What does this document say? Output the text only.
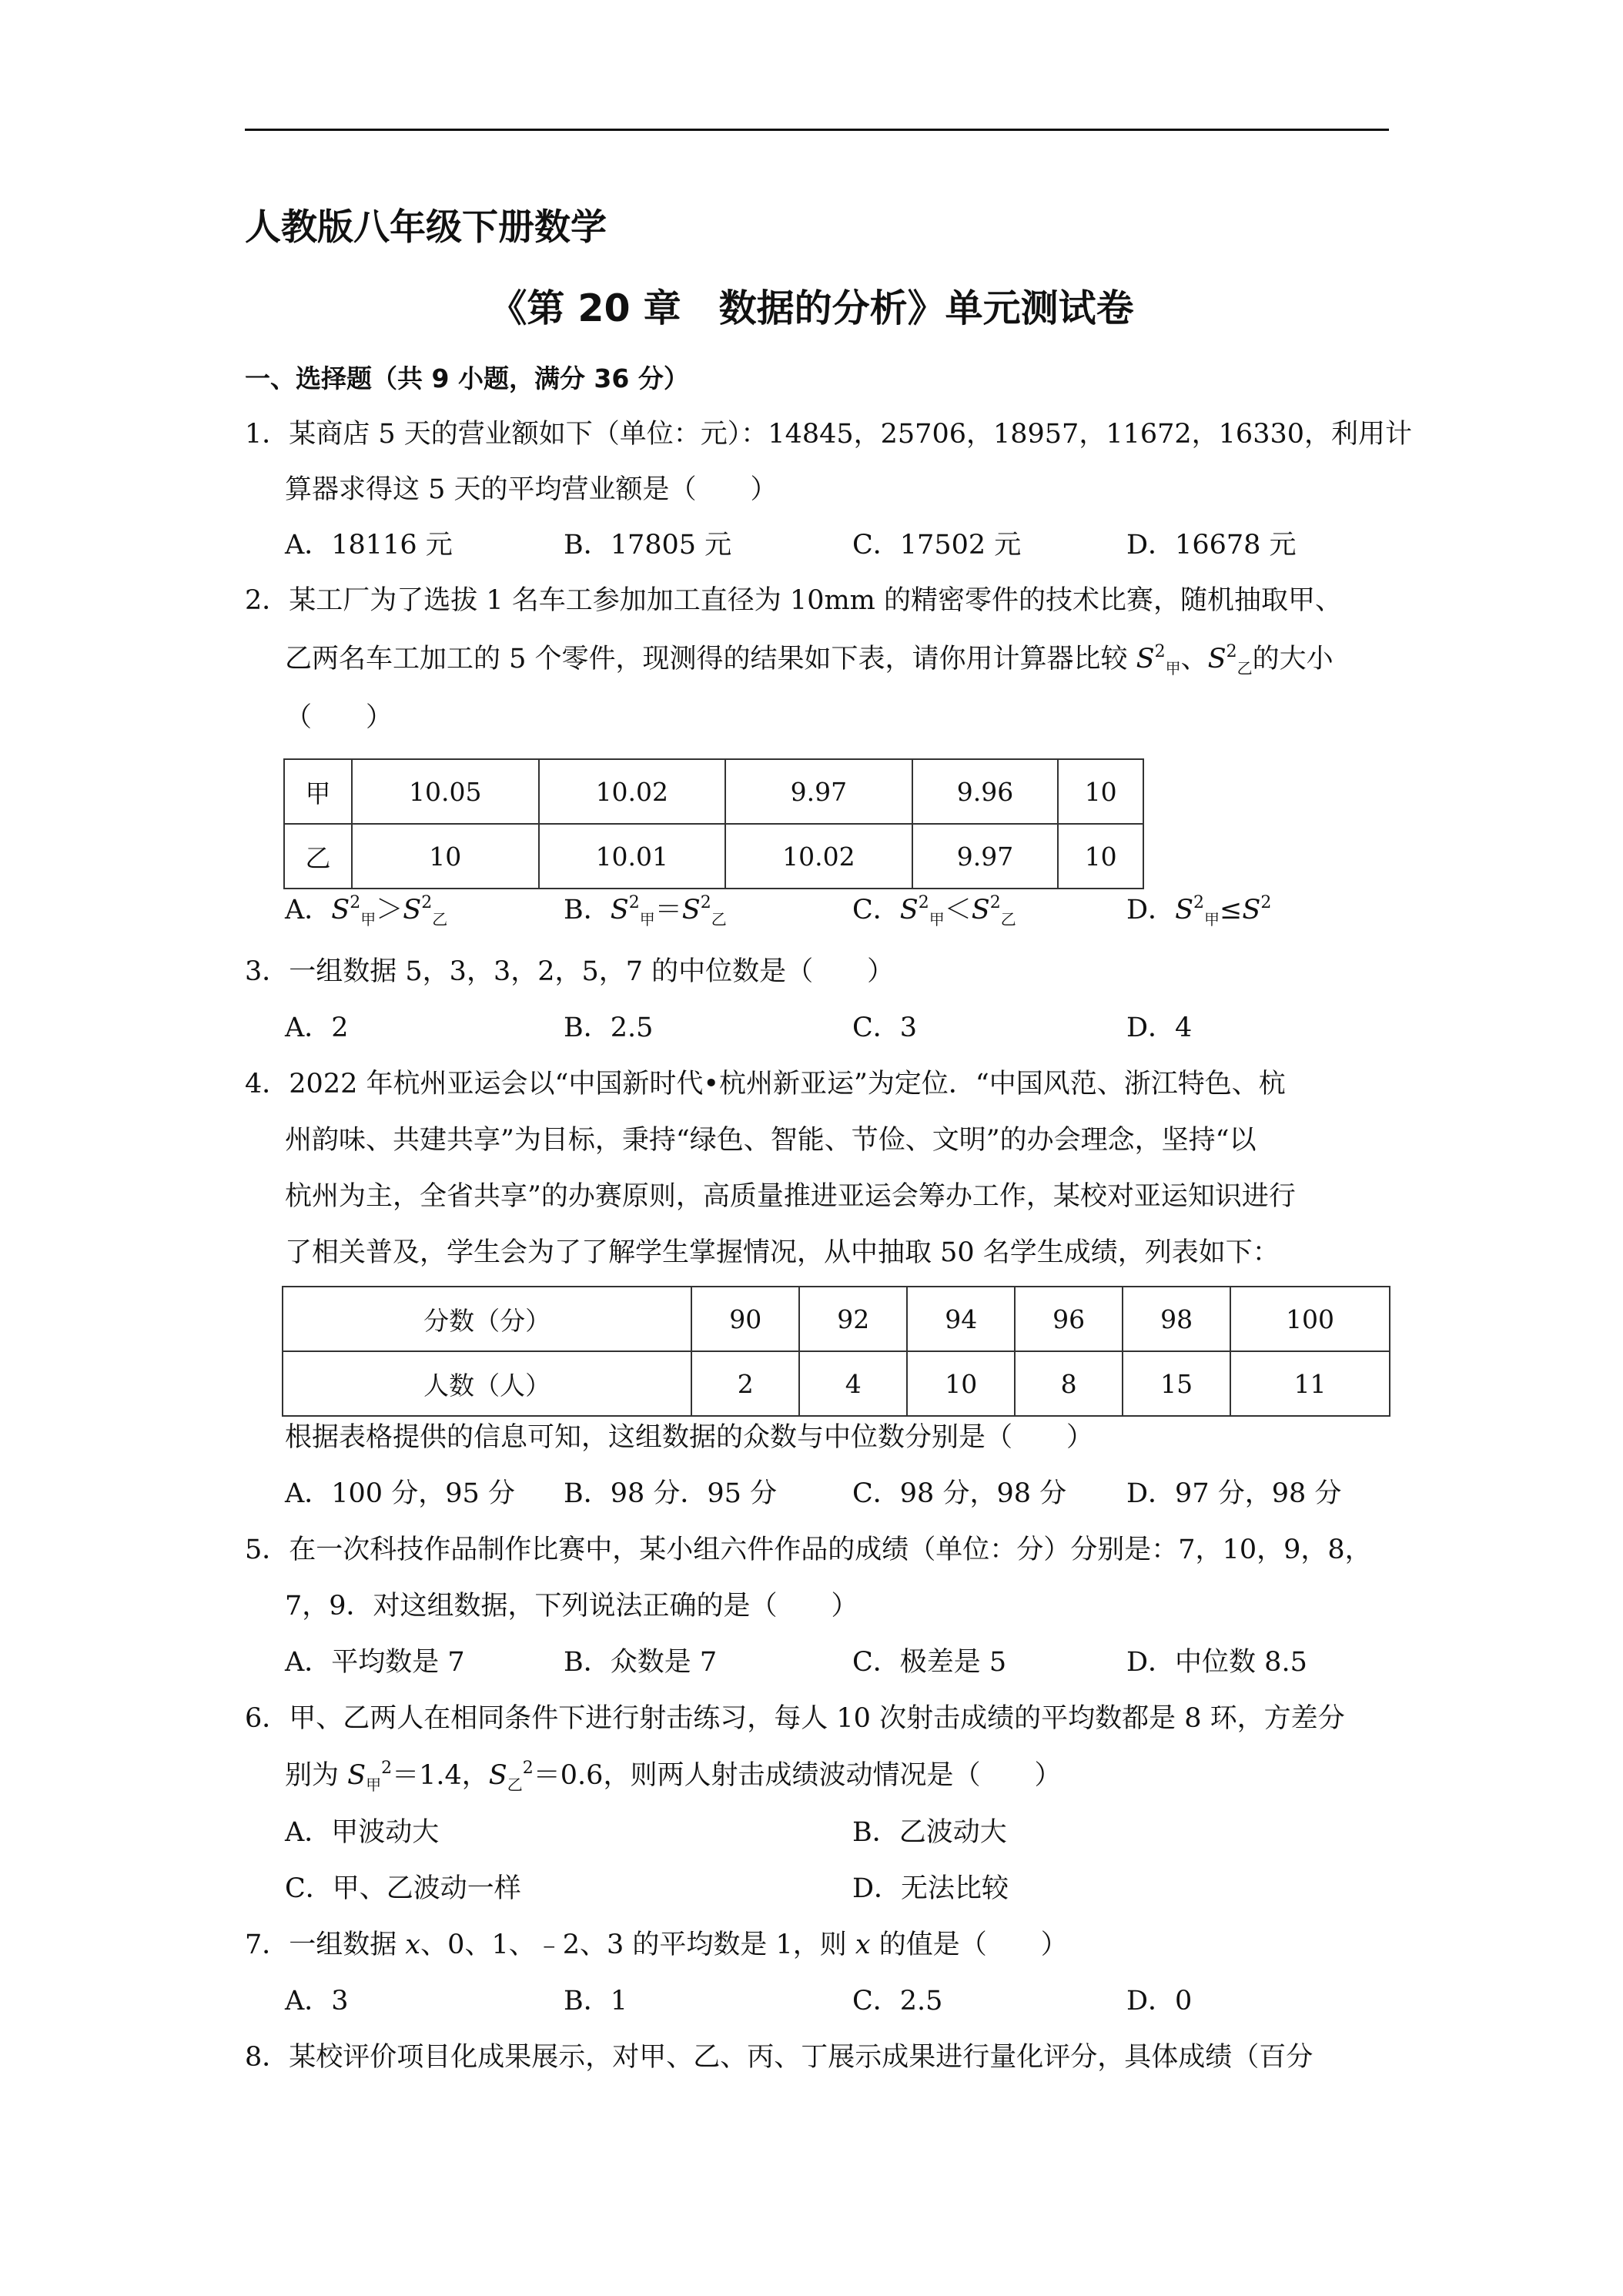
人教版八年级下册数学
《第 20 章　数据的分析》单元测试卷
一、选择题（共 9 小题，满分 36 分）
1．某商店 5 天的营业额如下（单位：元）：14845，25706，18957，11672，16330，利用计
算器求得这 5 天的平均营业额是（　　）
A．18116 元	B．17805 元	C．17502 元	D．16678 元
2．某工厂为了选拔 1 名车工参加加工直径为 10mm 的精密零件的技术比赛，随机抽取甲、
乙两名车工加工的 5 个零件，现测得的结果如下表，请你用计算器比较 $S^2_甲$、$S^2_乙$的大小
（　　）
甲	10.05	10.02	9.97	9.96	10
乙	10	10.01	10.02	9.97	10
A．$S^2_甲>S^2_乙$	B．$S^2_甲=S^2_乙$	C．$S^2_甲<S^2_乙$	D．$S^2_甲\le S^2$
3．一组数据 5，3，3，2，5，7 的中位数是（　　）
A．2	B．2.5	C．3	D．4
4．2022 年杭州亚运会以“中国新时代•杭州新亚运”为定位．“中国风范、浙江特色、杭
州韵味、共建共享”为目标，秉持“绿色、智能、节俭、文明”的办会理念，坚持“以
杭州为主，全省共享”的办赛原则，高质量推进亚运会筹办工作，某校对亚运知识进行
了相关普及，学生会为了了解学生掌握情况，从中抽取 50 名学生成绩，列表如下：
分数（分）	90	92	94	96	98	100
人数（人）	2	4	10	8	15	11
根据表格提供的信息可知，这组数据的众数与中位数分别是（　　）
A．100 分，95 分 B．98 分．95 分	C．98 分，98 分 D．97 分，98 分
5．在一次科技作品制作比赛中，某小组六件作品的成绩（单位：分）分别是：7，10，9，8，
7，9．对这组数据，下列说法正确的是（　　）
A．平均数是 7	B．众数是 7	C．极差是 5	D．中位数 8.5
6．甲、乙两人在相同条件下进行射击练习，每人 10 次射击成绩的平均数都是 8 环，方差分
别为 $S_甲^2=1.4$，$S_乙^2=0.6$，则两人射击成绩波动情况是（　　）
A．甲波动大	B．乙波动大
C．甲、乙波动一样	D．无法比较
7．一组数据 x、0、1、﹣2、3 的平均数是 1，则 x 的值是（　　）
A．3	B．1	C．2.5	D．0
8．某校评价项目化成果展示，对甲、乙、丙、丁展示成果进行量化评分，具体成绩（百分
